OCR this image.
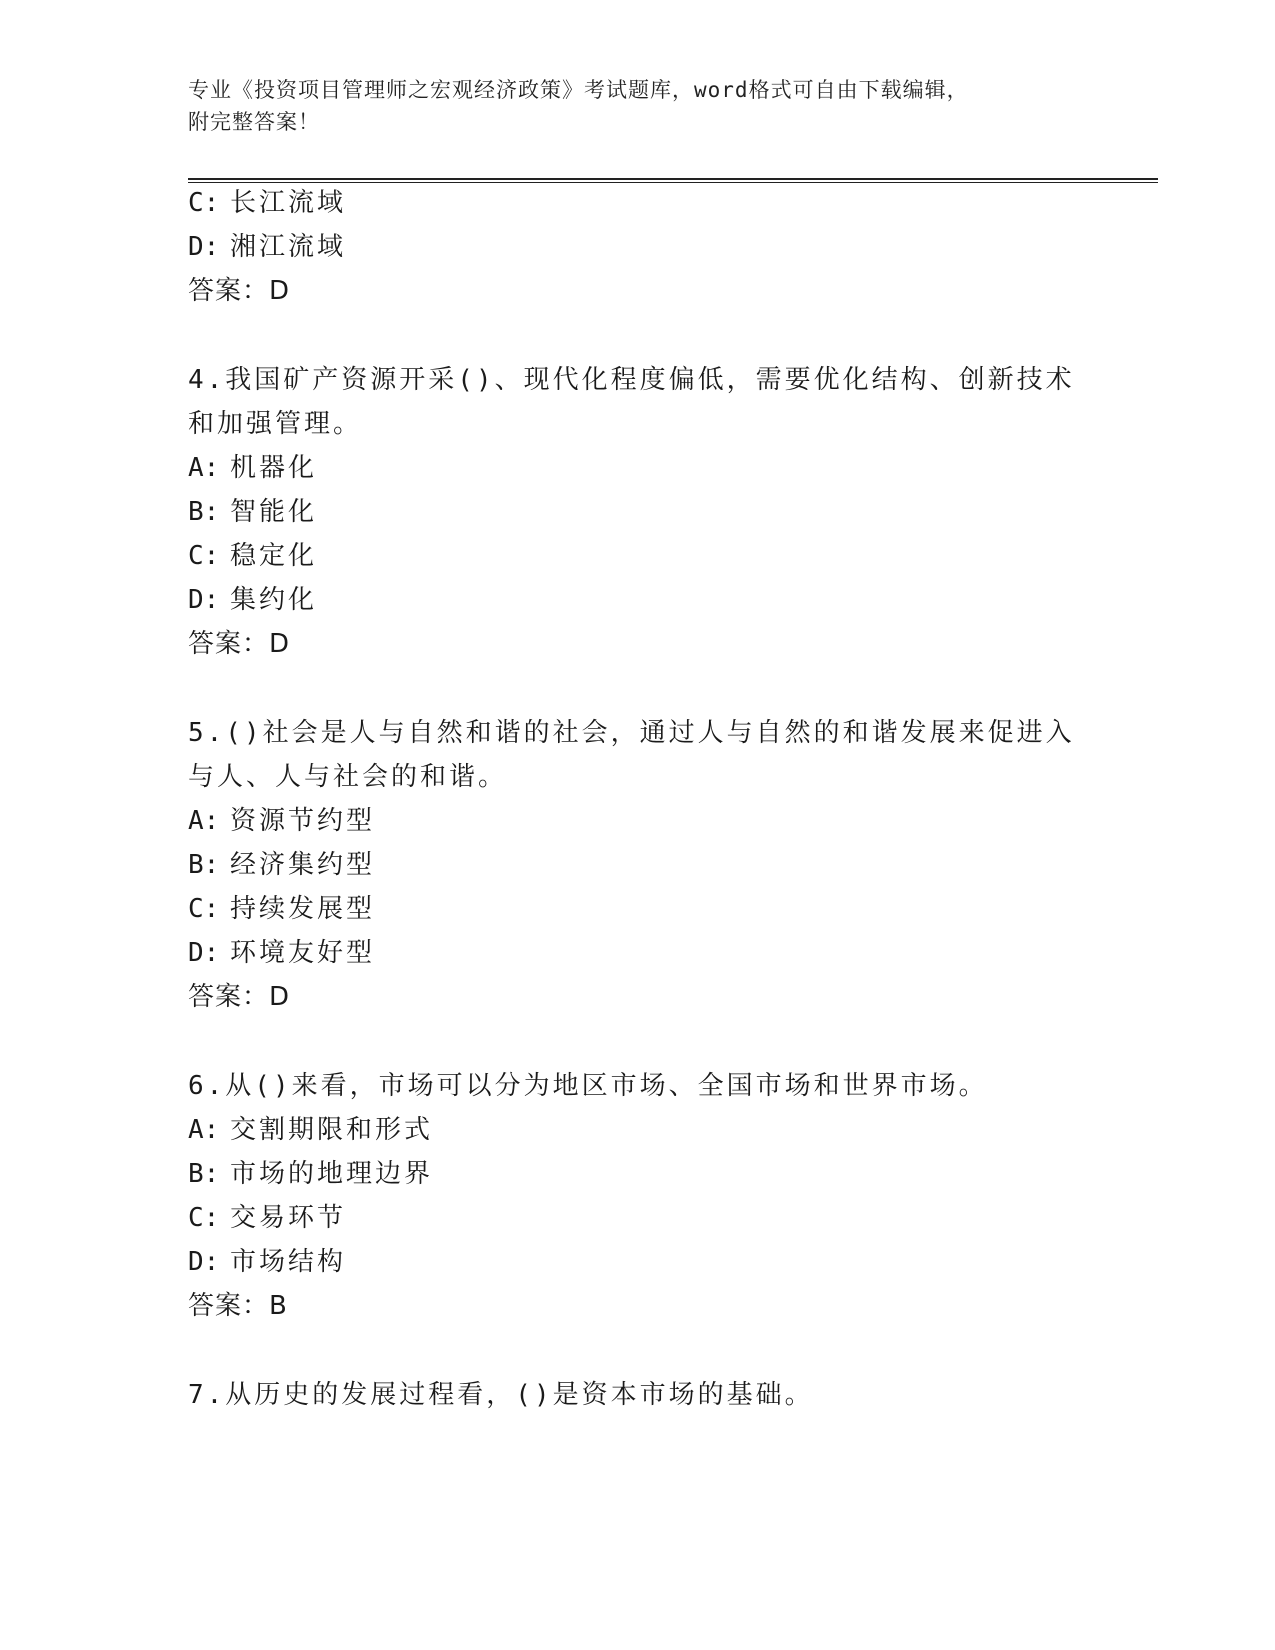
专业《投资项目管理师之宏观经济政策》考试题库，word格式可自由下载编辑，
附完整答案！
C: 长江流域
D: 湘江流域
答案：D
4.我国矿产资源开采()、现代化程度偏低，需要优化结构、创新技术
和加强管理。
A: 机器化
B: 智能化
C: 稳定化
D: 集约化
答案：D
5.()社会是人与自然和谐的社会，通过人与自然的和谐发展来促进入
与人、人与社会的和谐。
A: 资源节约型
B: 经济集约型
C: 持续发展型
D: 环境友好型
答案：D
6.从()来看，市场可以分为地区市场、全国市场和世界市场。
A: 交割期限和形式
B: 市场的地理边界
C: 交易环节
D: 市场结构
答案：B
7.从历史的发展过程看，()是资本市场的基础。
